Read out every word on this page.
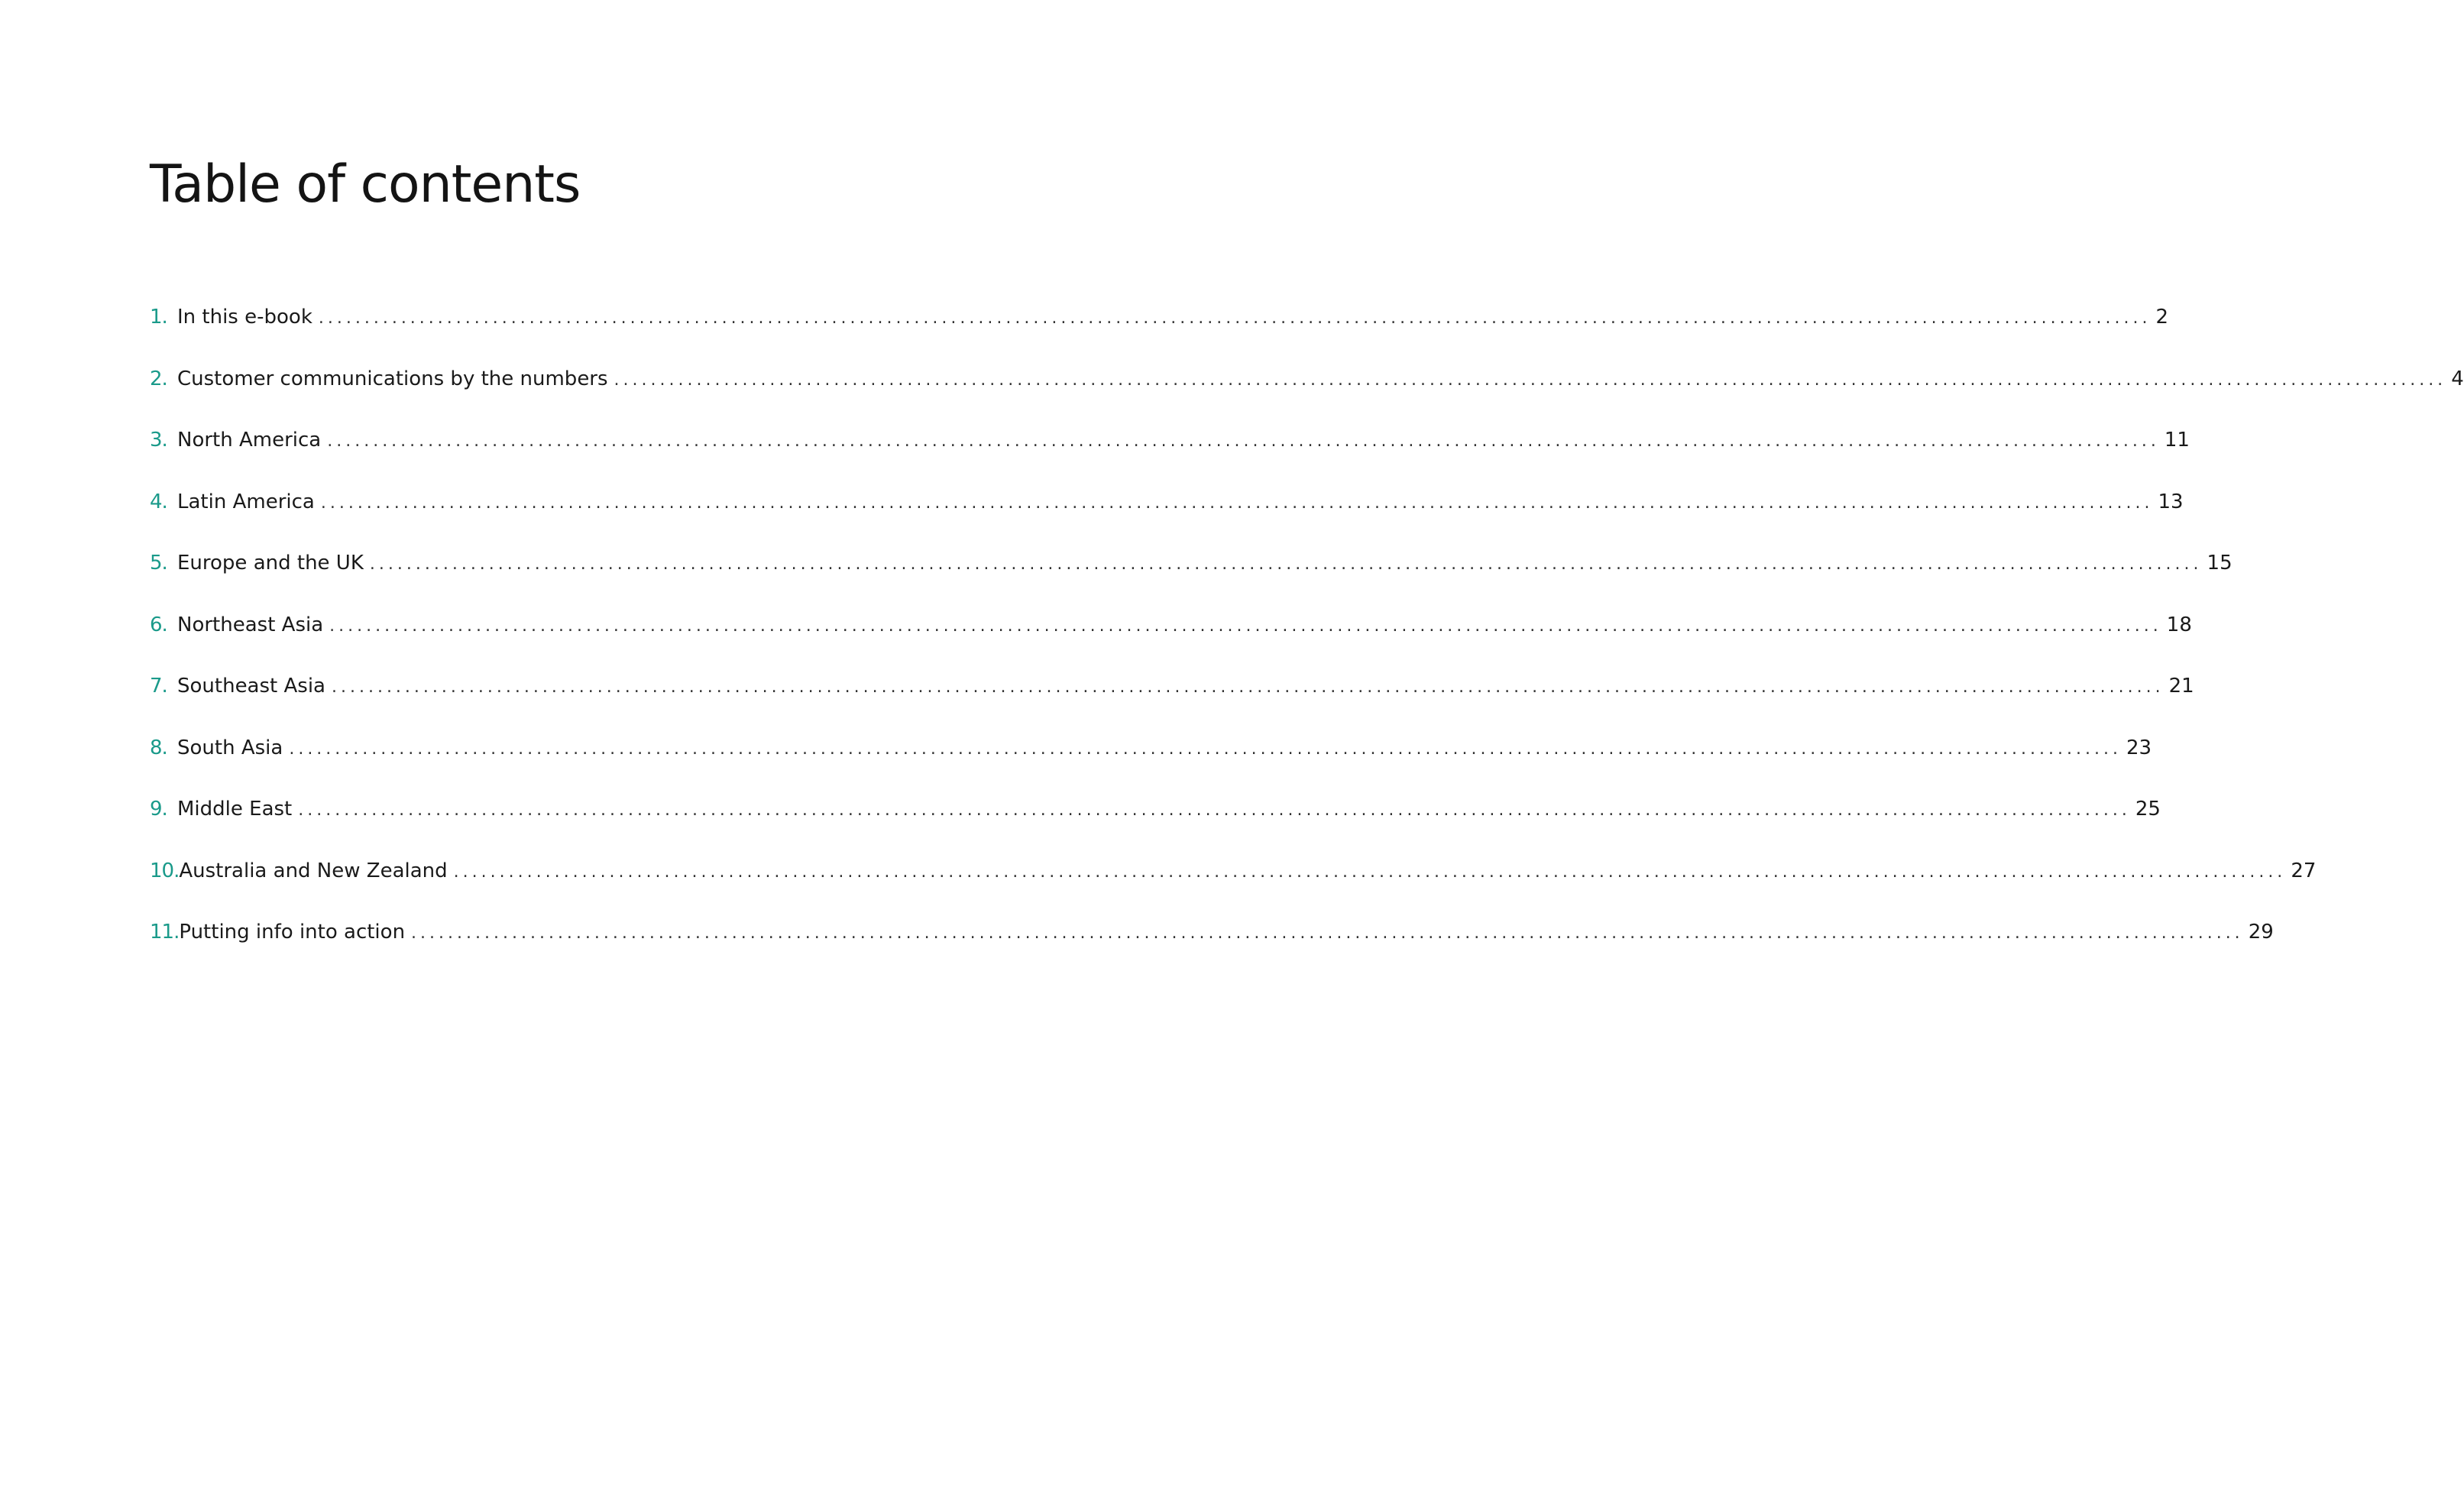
Table of contents
1. In this e-book ........................................................................................................................................................................................................ 2
2. Customer communications by the numbers ........................................................................................................................................................................................................ 4
3. North America ........................................................................................................................................................................................................ 11
4. Latin America ........................................................................................................................................................................................................ 13
5. Europe and the UK ........................................................................................................................................................................................................ 15
6. Northeast Asia ........................................................................................................................................................................................................ 18
7. Southeast Asia ........................................................................................................................................................................................................ 21
8. South Asia ........................................................................................................................................................................................................ 23
9. Middle East ........................................................................................................................................................................................................ 25
10. Australia and New Zealand ........................................................................................................................................................................................................ 27
11. Putting info into action ........................................................................................................................................................................................................ 29
